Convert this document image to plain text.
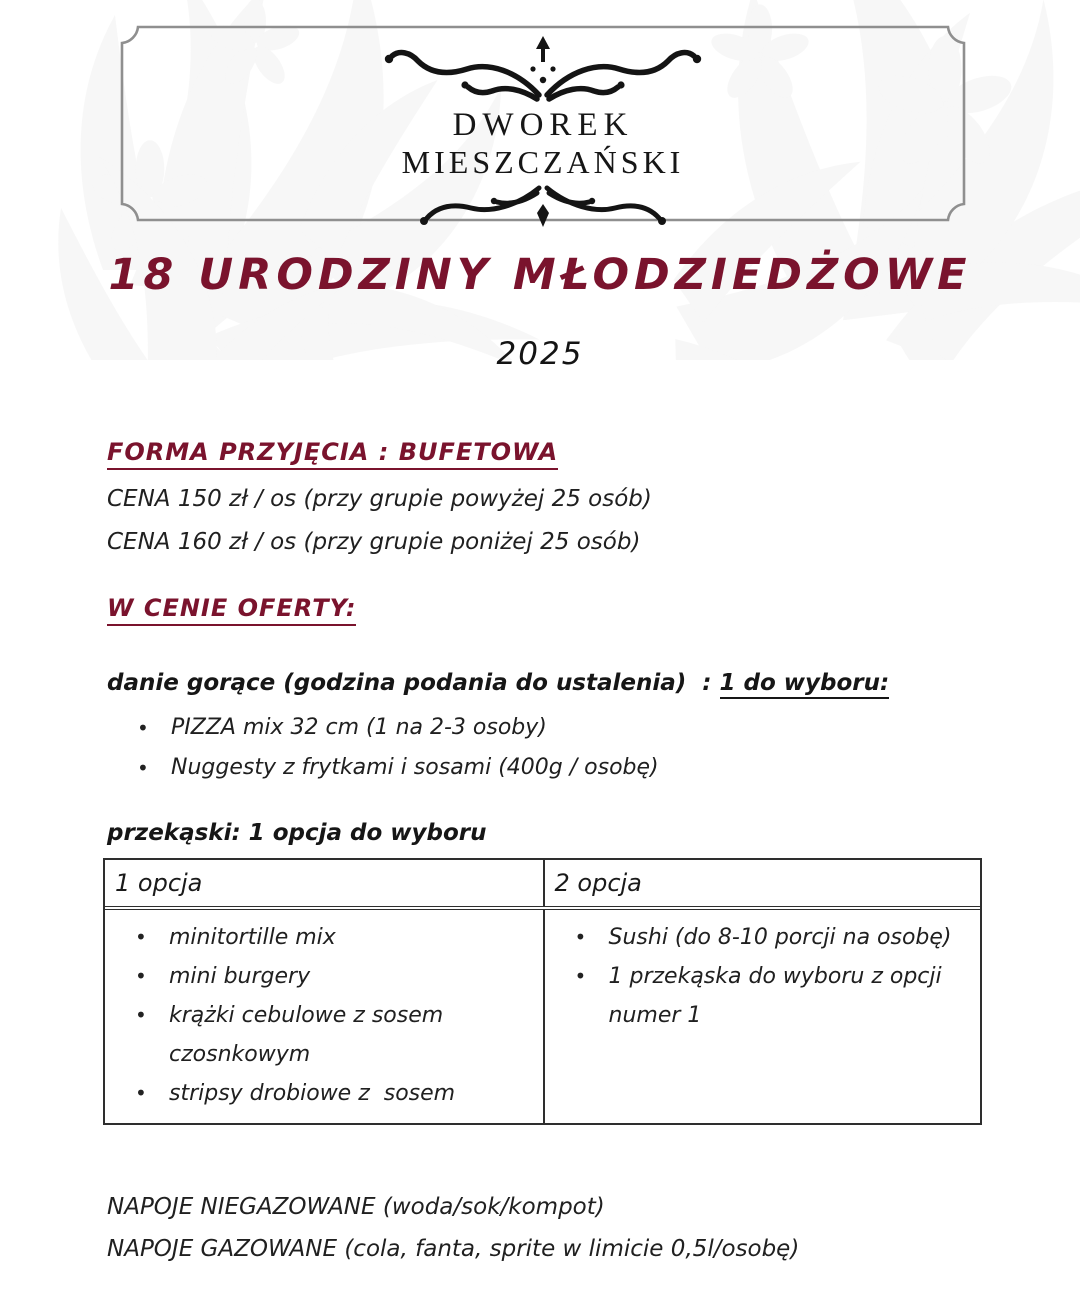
DWOREK
MIESZCZAŃSKI
18 URODZINY MŁODZIEDŻOWE
2025
FORMA PRZYJĘCIA : BUFETOWA
CENA 150 zł / os (przy grupie powyżej 25 osób)
CENA 160 zł / os (przy grupie poniżej 25 osób)
W CENIE OFERTY:
danie gorące (godzina podania do ustalenia)  : 1 do wyboru:
• PIZZA mix 32 cm (1 na 2-3 osoby)
• Nuggesty z frytkami i sosami (400g / osobę)
przekąski: 1 opcja do wyboru
1 opcja	2 opcja
• minitortille mix
• mini burgery
• krążki cebulowe z sosem czosnkowym
• stripsy drobiowe z  sosem
• Sushi (do 8-10 porcji na osobę)
• 1 przekąska do wyboru z opcji numer 1
NAPOJE NIEGAZOWANE (woda/sok/kompot)
NAPOJE GAZOWANE (cola, fanta, sprite w limicie 0,5l/osobę)
